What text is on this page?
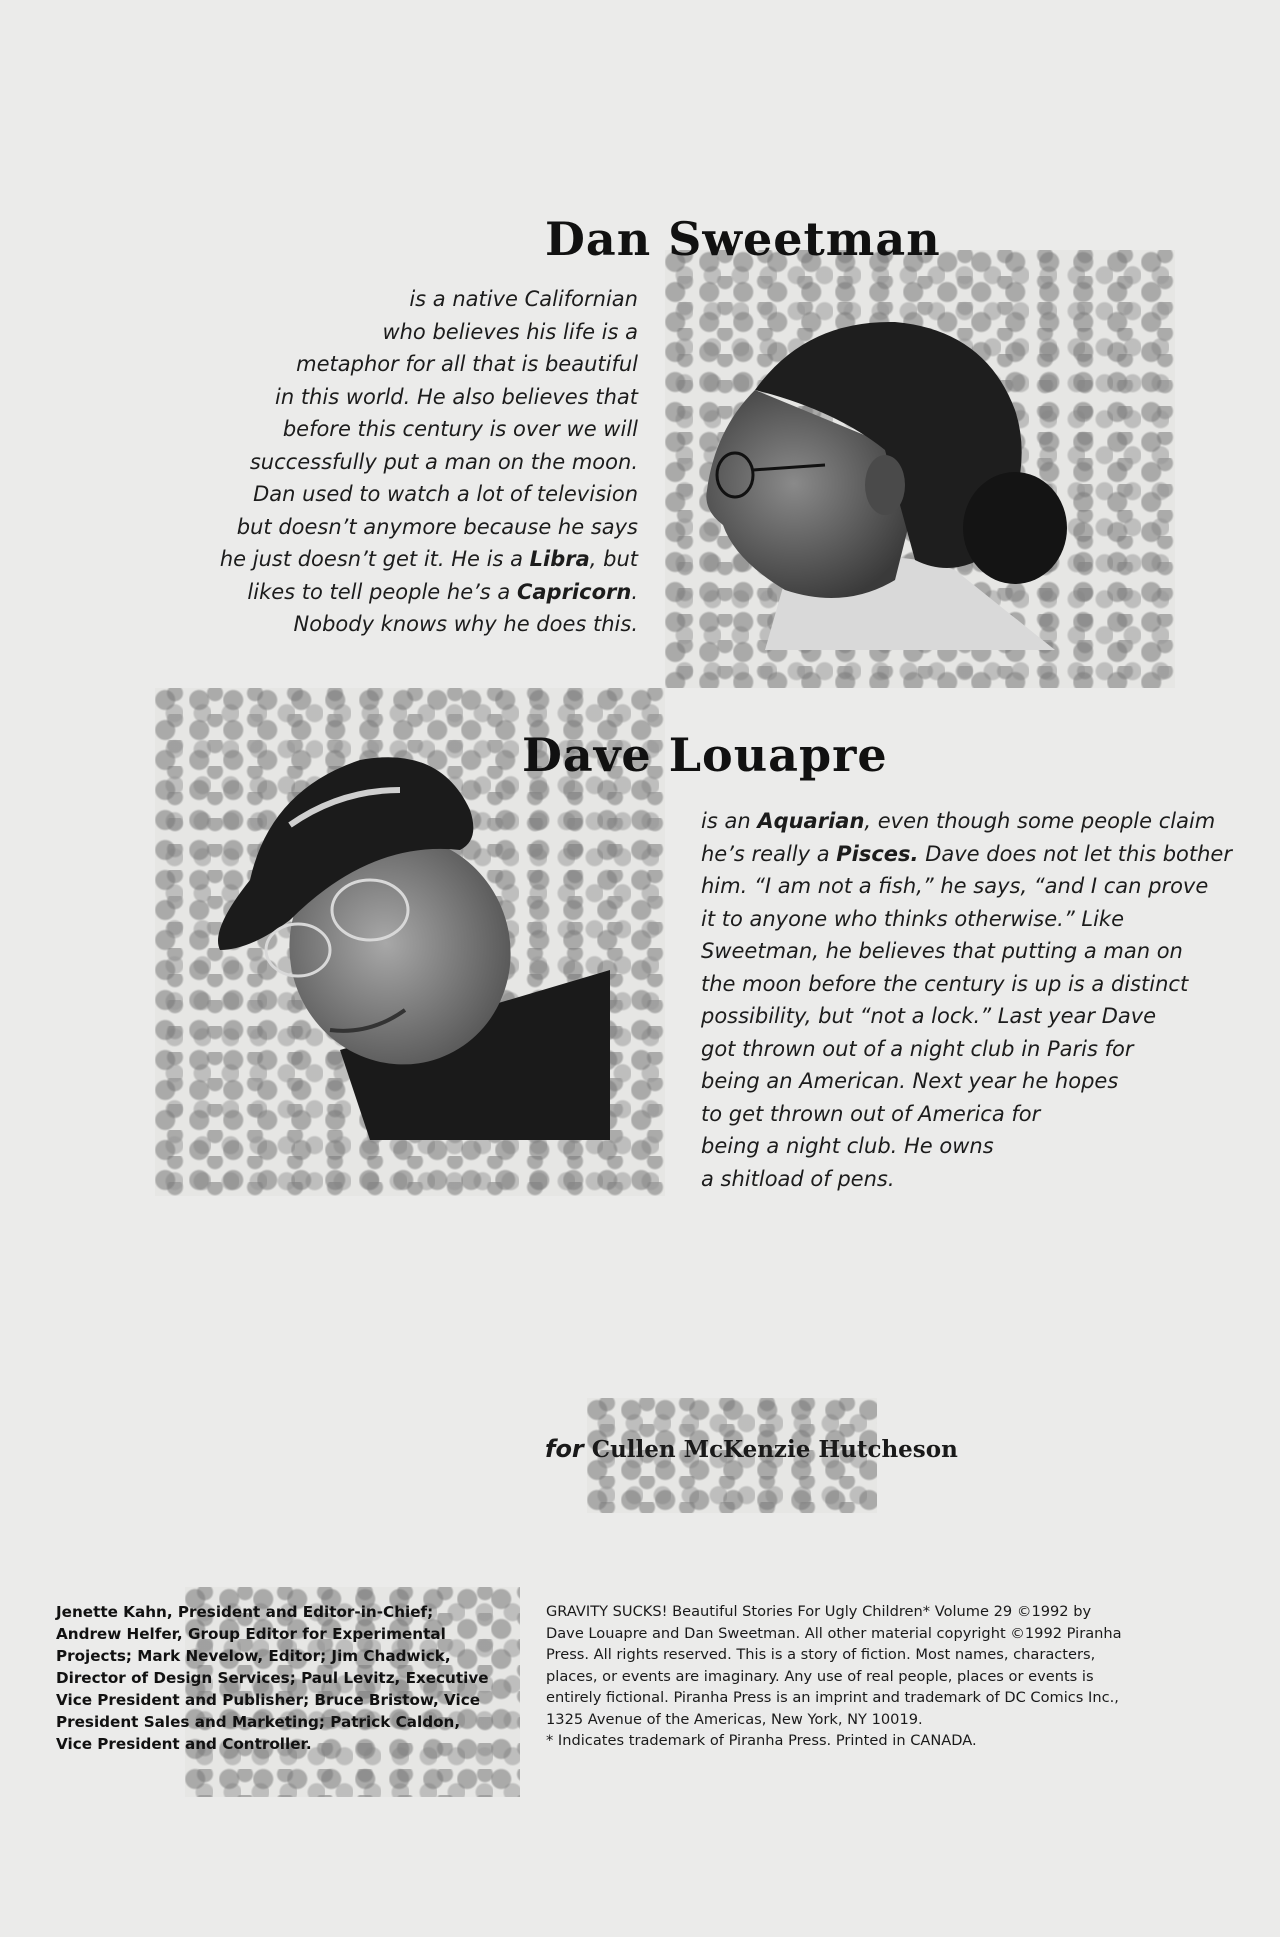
Dan Sweetman
is a native Californian
who believes his life is a
metaphor for all that is beautiful
in this world. He also believes that
before this century is over we will
successfully put a man on the moon.
Dan used to watch a lot of television
but doesn’t anymore because he says
he just doesn’t get it. He is a Libra, but
likes to tell people he’s a Capricorn.
Nobody knows why he does this.
Dave Louapre
is an Aquarian, even though some people claim
he’s really a Pisces. Dave does not let this bother
him. “I am not a fish,” he says, “and I can prove
it to anyone who thinks otherwise.” Like
Sweetman, he believes that putting a man on
the moon before the century is up is a distinct
possibility, but “not a lock.” Last year Dave
got thrown out of a night club in Paris for
being an American. Next year he hopes
to get thrown out of America for
being a night club. He owns
a shitload of pens.
for Cullen McKenzie Hutcheson
Jenette Kahn, President and Editor-in-Chief;
Andrew Helfer, Group Editor for Experimental
Projects; Mark Nevelow, Editor; Jim Chadwick,
Director of Design Services; Paul Levitz, Executive
Vice President and Publisher; Bruce Bristow, Vice
President Sales and Marketing; Patrick Caldon,
Vice President and Controller.
GRAVITY SUCKS! Beautiful Stories For Ugly Children* Volume 29 ©1992 by
Dave Louapre and Dan Sweetman. All other material copyright ©1992 Piranha
Press. All rights reserved. This is a story of fiction. Most names, characters,
places, or events are imaginary. Any use of real people, places or events is
entirely fictional. Piranha Press is an imprint and trademark of DC Comics Inc.,
1325 Avenue of the Americas, New York, NY 10019.
* Indicates trademark of Piranha Press. Printed in CANADA.
